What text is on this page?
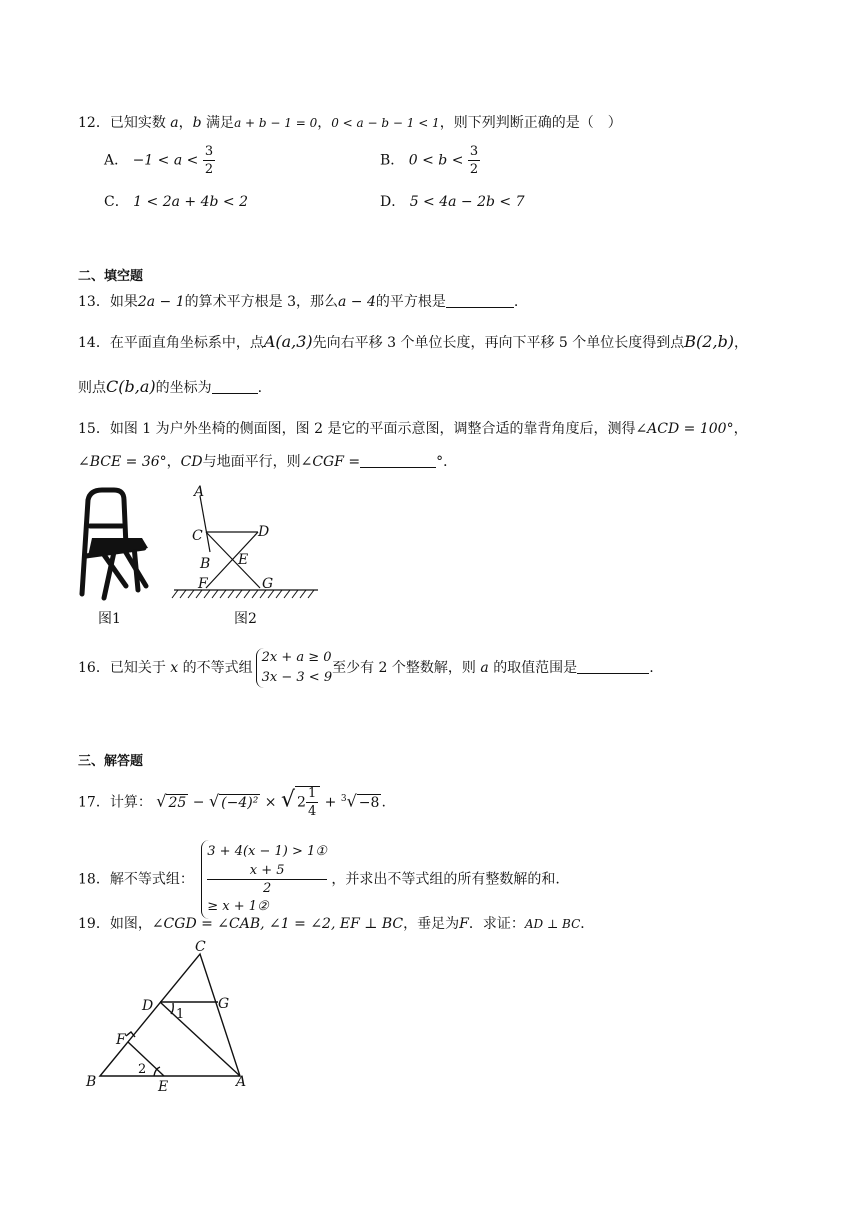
12．已知实数 a，b 满足a + b − 1 = 0，0 < a − b − 1 < 1，则下列判断正确的是（　）
A． $-1 < a < \frac{3}{2}$	B． $0 < b < \frac{3}{2}$
C． 1 < 2a + 4b < 2	D． 5 < 4a − 2b < 7
二、填空题
13．如果2a − 1的算术平方根是 3，那么a − 4的平方根是	.
14．在平面直角坐标系中，点A(a,3)先向右平移 3 个单位长度，再向下平移 5 个单位长度得到点B(2,b)，
则点C(b,a)的坐标为	.
15．如图 1 为户外坐椅的侧面图，图 2 是它的平面示意图，调整合适的靠背角度后，测得∠ACD = 100°，
∠BCE = 36°，CD与地面平行，则∠CGF =	°．
图1
A
C	D
B E
F	G
图2
16．已知关于 x 的不等式组
2x + a ≥ 0
3x − 3 < 9
至少有 2 个整数解，则 a 的取值范围是	.
三、解答题
17．计算： √ 25 − √ (−4)² × √ $2 \frac{1}{4} + ^3√ -8$ .
18．解不等式组：
3 + 4(x − 1) > 1①
x + 5
2
≥ x + 1②
，并求出不等式组的所有整数解的和.
19．如图，∠CGD = ∠CAB, ∠1 = ∠2, EF ⊥ BC，垂足为F．求证：AD ⊥ BC．
C
D	G
F
B	E	A
1
2
